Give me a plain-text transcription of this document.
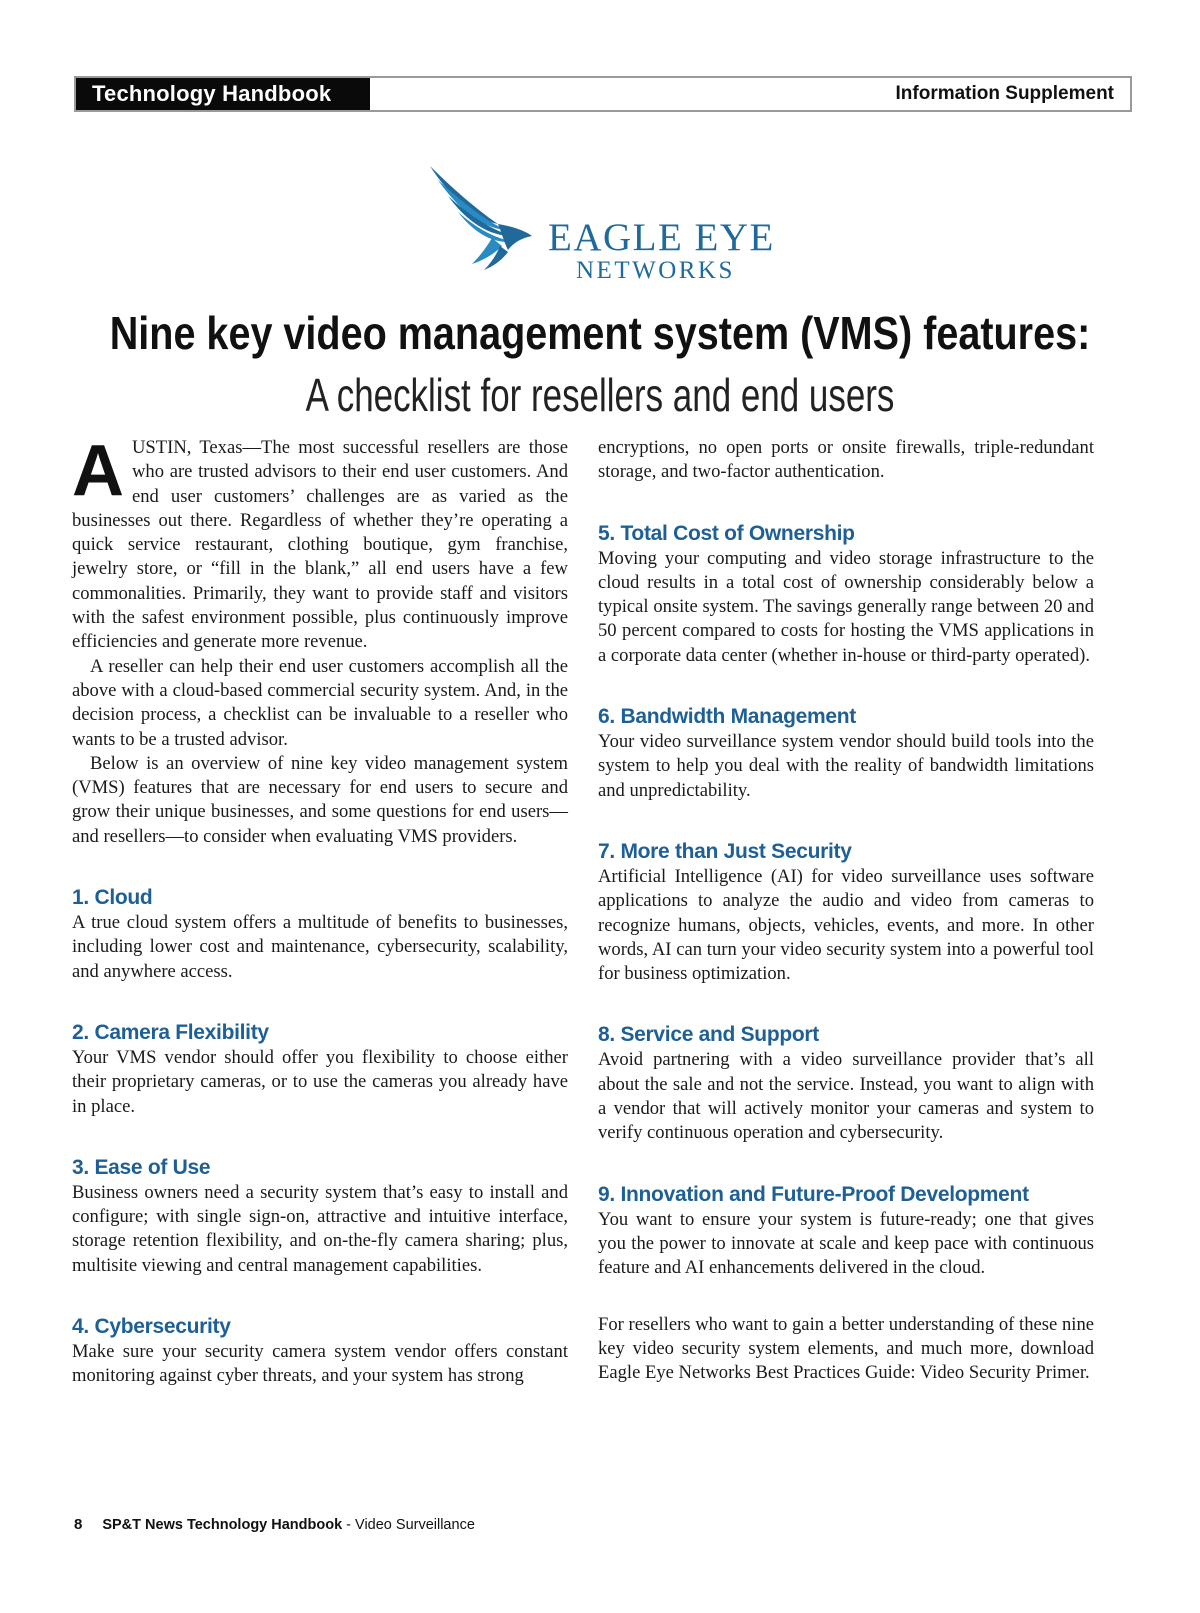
Technology Handbook	Information Supplement
EAGLE EYE
NETWORKS
Nine key video management system (VMS) features:
A checklist for resellers and end users

AUSTIN, Texas—The most successful resellers are those who are trusted advisors to their end user customers. And end user customers’ challenges are as varied as the businesses out there. Regardless of whether they’re operating a quick service restaurant, clothing boutique, gym franchise, jewelry store, or “fill in the blank,” all end users have a few commonalities. Primarily, they want to provide staff and visitors with the safest environment possible, plus continuously improve efficiencies and generate more revenue.

A reseller can help their end user customers accomplish all the above with a cloud-based commercial security system. And, in the decision process, a checklist can be invaluable to a reseller who wants to be a trusted advisor.

Below is an overview of nine key video management system (VMS) features that are necessary for end users to secure and grow their unique businesses, and some questions for end users—and resellers—to consider when evaluating VMS providers.

1. Cloud

A true cloud system offers a multitude of benefits to businesses, including lower cost and maintenance, cybersecurity, scalability, and anywhere access.

2. Camera Flexibility

Your VMS vendor should offer you flexibility to choose either their proprietary cameras, or to use the cameras you already have in place.

3. Ease of Use

Business owners need a security system that’s easy to install and configure; with single sign-on, attractive and intuitive interface, storage retention flexibility, and on-the-fly camera sharing; plus, multisite viewing and central management capabilities.

4. Cybersecurity

Make sure your security camera system vendor offers constant monitoring against cyber threats, and your system has strong

encryptions, no open ports or onsite firewalls, triple-redundant storage, and two-factor authentication.

5. Total Cost of Ownership

Moving your computing and video storage infrastructure to the cloud results in a total cost of ownership considerably below a typical onsite system. The savings generally range between 20 and 50 percent compared to costs for hosting the VMS applications in a corporate data center (whether in-house or third-party operated).

6. Bandwidth Management

Your video surveillance system vendor should build tools into the system to help you deal with the reality of bandwidth limitations and unpredictability.

7. More than Just Security

Artificial Intelligence (AI) for video surveillance uses software applications to analyze the audio and video from cameras to recognize humans, objects, vehicles, events, and more. In other words, AI can turn your video security system into a powerful tool for business optimization.

8. Service and Support

Avoid partnering with a video surveillance provider that’s all about the sale and not the service. Instead, you want to align with a vendor that will actively monitor your cameras and system to verify continuous operation and cybersecurity.

9. Innovation and Future-Proof Development

You want to ensure your system is future-ready; one that gives you the power to innovate at scale and keep pace with continuous feature and AI enhancements delivered in the cloud.

For resellers who want to gain a better understanding of these nine key video security system elements, and much more, download Eagle Eye Networks Best Practices Guide: Video Security Primer.

8 SP&T News Technology Handbook - Video Surveillance
